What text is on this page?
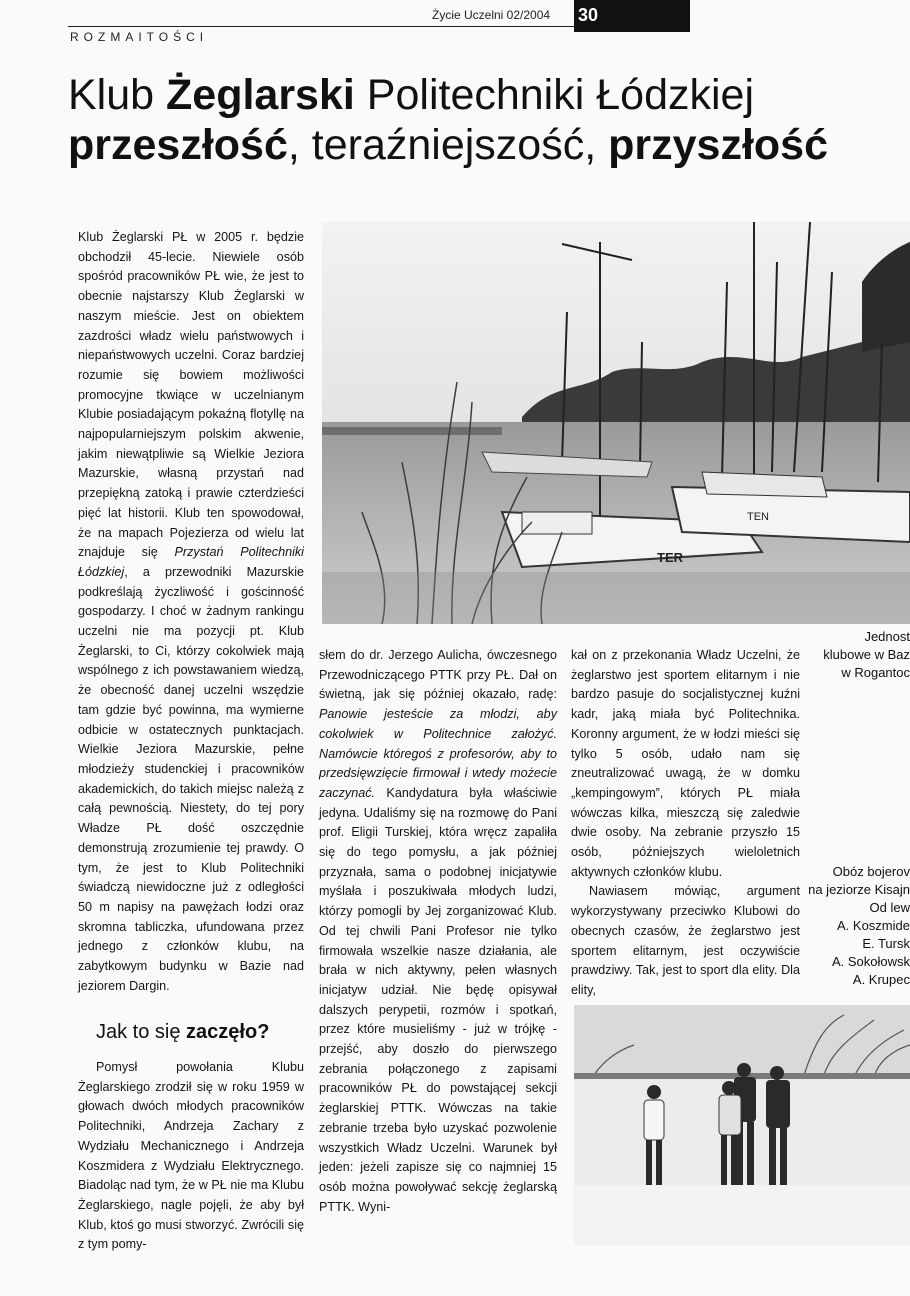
ROZMAITOŚCI
Życie Uczelni 02/2004 30
Klub Żeglarski Politechniki Łódzkiej
przeszłość, teraźniejszość, przyszłość

Klub Żeglarski PŁ w 2005 r. będzie obchodził 45-lecie. Niewiele osób spośród pracowników PŁ wie, że jest to obecnie najstarszy Klub Żeglarski w naszym mieście. Jest on obiektem zazdrości władz wielu państwowych i niepaństwowych uczelni. Coraz bardziej rozumie się bowiem możliwości promocyjne tkwiące w uczelnianym Klubie posiadającym pokaźną flotyllę na najpopularniejszym polskim akwenie, jakim niewątpliwie są Wielkie Jeziora Mazurskie, własną przystań nad przepiękną zatoką i prawie czterdzieści pięć lat historii. Klub ten spowodował, że na mapach Pojezierza od wielu lat znajduje się Przystań Politechniki Łódzkiej, a przewodniki Mazurskie podkreślają życzliwość i gościnność gospodarzy. I choć w żadnym rankingu uczelni nie ma pozycji pt. Klub Żeglarski, to Ci, którzy cokolwiek mają wspólnego z ich powstawaniem wiedzą, że obecność danej uczelni wszędzie tam gdzie być powinna, ma wymierne odbicie w ostatecznych punktacjach. Wielkie Jeziora Mazurskie, pełne młodzieży studenckiej i pracowników akademickich, do takich miejsc należą z całą pewnością. Niestety, do tej pory Władze PŁ dość oszczędnie demonstrują zrozumienie tej prawdy. O tym, że jest to Klub Politechniki świadczą niewidoczne już z odległości 50 m napisy na pawężach łodzi oraz skromna tabliczka, ufundowana przez jednego z członków klubu, na zabytkowym budynku w Bazie nad jeziorem Dargin.

Jak to się zaczęło?

Pomysł powołania Klubu Żeglarskiego zrodził się w roku 1959 w głowach dwóch młodych pracowników Politechniki, Andrzeja Zachary z Wydziału Mechanicznego i Andrzeja Koszmidera z Wydziału Elektrycznego. Biadoląc nad tym, że w PŁ nie ma Klubu Żeglarskiego, nagle pojęli, że aby był Klub, ktoś go musi stworzyć. Zwrócili się z tym pomy-

słem do dr. Jerzego Aulicha, ówczesnego Przewodniczącego PTTK przy PŁ. Dał on świetną, jak się później okazało, radę: Panowie jesteście za młodzi, aby cokolwiek w Politechnice założyć. Namówcie któregoś z profesorów, aby to przedsięwzięcie firmował i wtedy możecie zaczynać. Kandydatura była właściwie jedyna. Udaliśmy się na rozmowę do Pani prof. Eligii Turskiej, która wręcz zapaliła się do tego pomysłu, a jak później przyznała, sama o podobnej inicjatywie myślała i poszukiwała młodych ludzi, którzy pomogli by Jej zorganizować Klub. Od tej chwili Pani Profesor nie tylko firmowała wszelkie nasze działania, ale brała w nich aktywny, pełen własnych inicjatyw udział. Nie będę opisywał dalszych perypetii, rozmów i spotkań, przez które musieliśmy - już w trójkę - przejść, aby doszło do pierwszego zebrania połączonego z zapisami pracowników PŁ do powstającej sekcji żeglarskiej PTTK. Wówczas na takie zebranie trzeba było uzyskać pozwolenie wszystkich Władz Uczelni. Warunek był jeden: jeżeli zapisze się co najmniej 15 osób można powoływać sekcję żeglarską PTTK. Wyni-

kał on z przekonania Władz Uczelni, że żeglarstwo jest sportem elitarnym i nie bardzo pasuje do socjalistycznej kuźni kadr, jaką miała być Politechnika. Koronny argument, że w łodzi mieści się tylko 5 osób, udało nam się zneutralizować uwagą, że w domku „kempingowym”, których PŁ miała wówczas kilka, mieszczą się zaledwie dwie osoby. Na zebranie przyszło 15 osób, późniejszych wieloletnich aktywnych członków klubu.

Nawiasem mówiąc, argument wykorzystywany przeciwko Klubowi do obecnych czasów, że żeglarstwo jest sportem elitarnym, jest oczywiście prawdziwy. Tak, jest to sport dla elity. Dla elity,

TER
TEN
Jednost
klubowe w Baz
w Rogantoc
Obóz bojerov
na jeziorze Kisajn
Od lew
A. Koszmide
E. Tursk
A. Sokołowsk
A. Krupec
